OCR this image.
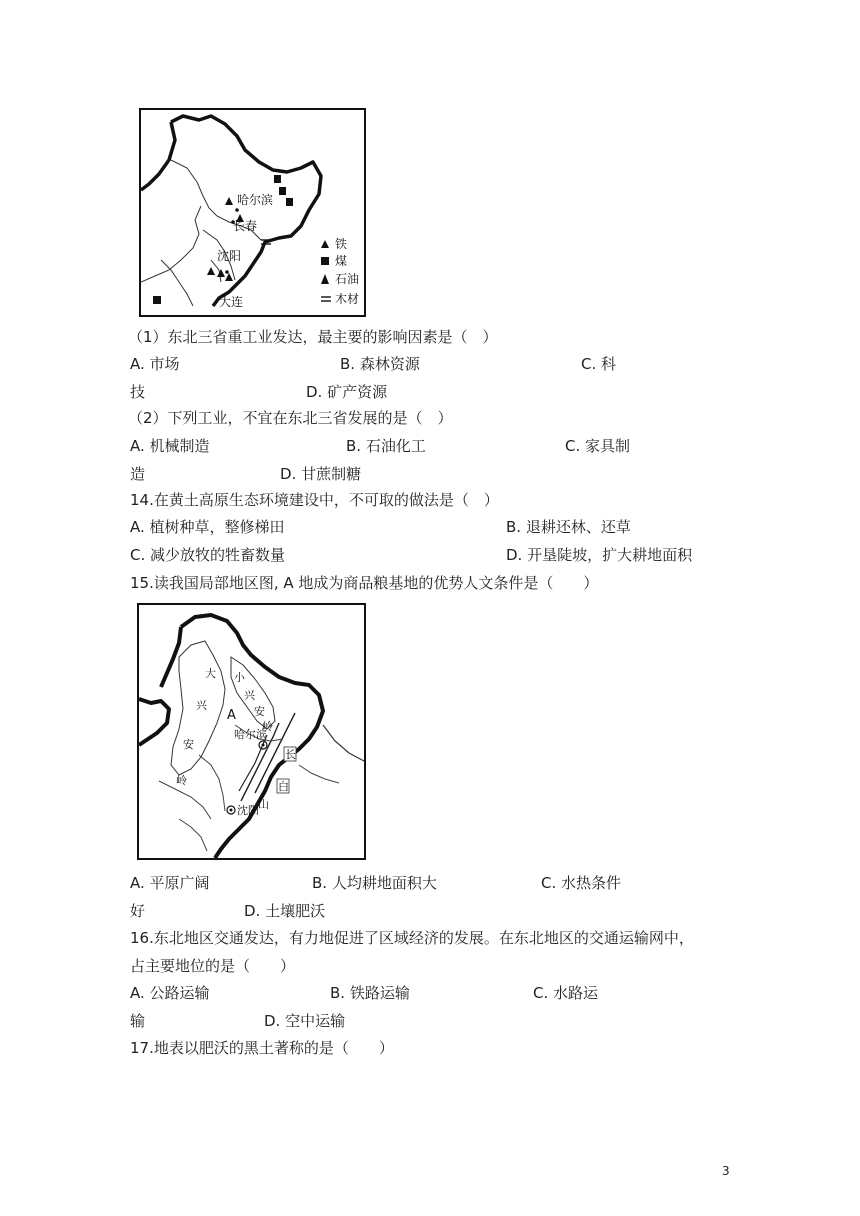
哈尔滨
长春
沈阳
大连
铁
煤
石油
木材
（1）东北三省重工业发达，最主要的影响因素是（　）
A. 市场	B. 森林资源	C. 科
技	D. 矿产资源
（2）下列工业，不宜在东北三省发展的是（　）
A. 机械制造	B. 石油化工	C. 家具制
造	D. 甘蔗制糖
14.在黄土高原生态环境建设中，不可取的做法是（　）
A. 植树种草，整修梯田	B. 退耕还林、还草
C. 减少放牧的牲畜数量	D. 开垦陡坡，扩大耕地面积
15.读我国局部地区图, A 地成为商品粮基地的优势人文条件是（　　）
大 小
兴
安
兴
A
岭
安
哈尔滨
岭
长
白
山
沈阳
A. 平原广阔	B. 人均耕地面积大	C. 水热条件
好	D. 土壤肥沃
16.东北地区交通发达，有力地促进了区域经济的发展。在东北地区的交通运输网中，
占主要地位的是（　　）
A. 公路运输	B. 铁路运输	C. 水路运
输	D. 空中运输
17.地表以肥沃的黑土著称的是（　　）
3
